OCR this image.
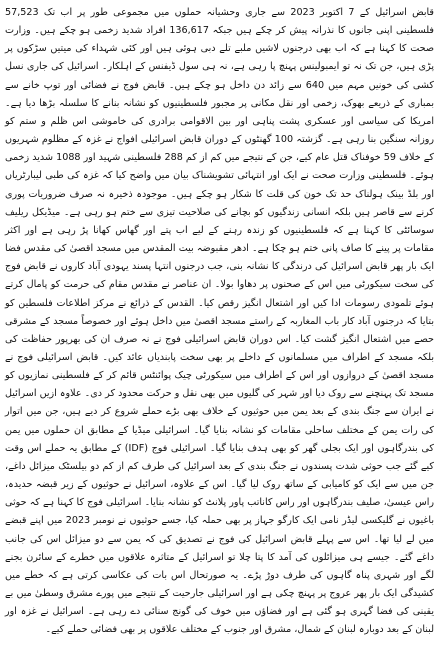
قابض اسرائیل کے 7 اکتوبر 2023 سے جاری وحشیانہ حملوں میں مجموعی طور پر اب تک 57,523 فلسطینی اپنی جانوں کا نذرانہ پیش کر چکے ہیں جبکہ 136,617 افراد شدید زخمی ہو چکے ہیں۔ وزارت صحت کا کہنا ہے کہ اب بھی درجنوں لاشیں ملبے تلے دبی ہوئی ہیں اور کئی شہداء کی میتیں سڑکوں پر پڑی ہیں، جن تک نہ تو ایمبولینس پہنچ پا رہی ہے، نہ ہی سول ڈیفنس کے اہلکار۔ اسرائیل کی جاری نسل کشی کی خونیں مہم میں 640 سے زائد دن داخل ہو چکے ہیں۔ قابض فوج نے فضائی اور توپ خانے سے بمباری کے ذریعے بھوک، زخمی اور نقل مکانی پر مجبور فلسطینیوں کو نشانہ بنانے کا سلسلہ بڑھا دیا ہے۔ امریکا کی سیاسی اور عسکری پشت پناہی اور بین الاقوامی برادری کی خاموشی اس ظلم و ستم کو روزانہ سنگین بنا رہی ہے۔ گزشتہ 100 گھنٹوں کے دوران قابض اسرائیلی افواج نے غزہ کے مظلوم شہریوں کے خلاف 59 خوفناک قتل عام کیے، جن کے نتیجے میں کم از کم 288 فلسطینی شہید اور 1088 شدید زخمی ہوئے۔ فلسطینی وزارت صحت نے ایک اور انتہائی تشویشناک بیان میں واضح کیا کہ غزہ کی طبی لیبارٹریاں اور بلڈ بینک ہولناک حد تک خون کی قلت کا شکار ہو چکے ہیں۔ موجودہ ذخیرہ نہ صرف ضروریات پوری کرنے سے قاصر ہیں بلکہ انسانی زندگیوں کو بچانے کی صلاحیت تیزی سے ختم ہو رہی ہے۔ میڈیکل ریلیف سوسائٹی کا کہنا ہے کہ فلسطینیوں کو زندہ رہنے کے لیے اب پتے اور گھاس کھانا پڑ رہی ہے اور اکثر مقامات پر پینے کا صاف پانی ختم ہو چکا ہے۔ ادھر مقبوضہ بیت المقدس میں مسجد اقصیٰ کی مقدس فضا ایک بار پھر قابض اسرائیل کی درندگی کا نشانہ بنی، جب درجنوں انتہا پسند یہودی آباد کاروں نے قابض فوج کی سخت سیکورٹی میں اس کے صحنوں پر دھاوا بولا۔ ان عناصر نے مقدس مقام کی حرمت کو پامال کرتے ہوئے تلمودی رسومات ادا کیں اور اشتعال انگیز رقص کیا۔ القدس کے ذرائع نے مرکز اطلاعات فلسطین کو بتایا کہ درجنوں آباد کار باب المغاربہ کے راستے مسجد اقصیٰ میں داخل ہوئے اور خصوصاً مسجد کے مشرقی حصے میں اشتعال انگیز گشت کیا۔ اس دوران قابض اسرائیلی فوج نے نہ صرف ان کی بھرپور حفاظت کی بلکہ مسجد کے اطراف میں مسلمانوں کے داخلے پر بھی سخت پابندیاں عائد کیں۔ قابض اسرائیلی فوج نے مسجد اقصیٰ کے دروازوں اور اس کے اطراف میں سیکورٹی چیک پوائنٹس قائم کر کے فلسطینی نمازیوں کو مسجد تک پہنچنے سے روک دیا اور شہر کی گلیوں میں بھی نقل و حرکت محدود کر دی۔ علاوہ ازیں اسرائیل نے ایران سے جنگ بندی کے بعد یمن میں حوثیوں کے خلاف بھی بڑے حملے شروع کر دیے ہیں، جن میں اتوار کی رات یمن کے مختلف ساحلی مقامات کو نشانہ بنایا گیا۔ اسرائیلی میڈیا کے مطابق ان حملوں میں یمن کی بندرگاہوں اور ایک بجلی گھر کو بھی ہدف بنایا گیا۔ اسرائیلی فوج (IDF) کے مطابق یہ حملے اس وقت کیے گئے جب حوثی شدت پسندوں نے جنگ بندی کے بعد اسرائیل کی طرف کم از کم دو بیلسٹک میزائل داغے، جن میں سے ایک کو کامیابی کے ساتھ روک لیا گیا۔ اس کے علاوہ، اسرائیل نے حوثیوں کے زیر قبضہ حدیدہ، راس عیسیٰ، صلیف بندرگاہوں اور راس کاناتب پاور پلانٹ کو نشانہ بنایا۔ اسرائیلی فوج کا کہنا ہے کہ حوثی باغیوں نے گلیکسی لیڈر نامی ایک کارگو جہاز پر بھی حملہ کیا، جسے حوثیوں نے نومبر 2023 میں اپنے قبضے میں لے لیا تھا۔ اس سے پہلے قابض اسرائیل کی فوج نے تصدیق کی کہ یمن سے دو میزائل اس کی جانب داغے گئے۔ جیسے ہی میزائلوں کی آمد کا پتا چلا تو اسرائیل کے متاثرہ علاقوں میں خطرے کے سائرن بجنے لگے اور شہری پناہ گاہوں کی طرف دوڑ پڑے۔ یہ صورتحال اس بات کی عکاسی کرتی ہے کہ خطے میں کشیدگی ایک بار پھر عروج پر پہنچ چکی ہے اور اسرائیلی جارحیت کے نتیجے میں پورے مشرق وسطیٰ میں بے یقینی کی فضا گہری ہو گئی ہے اور فضاؤں میں خوف کی گونج سنائی دے رہی ہے۔ اسرائیل نے غزہ اور لبنان کے بعد دوبارہ لبنان کے شمال، مشرق اور جنوب کے مختلف علاقوں پر بھی فضائی حملے کیے۔
